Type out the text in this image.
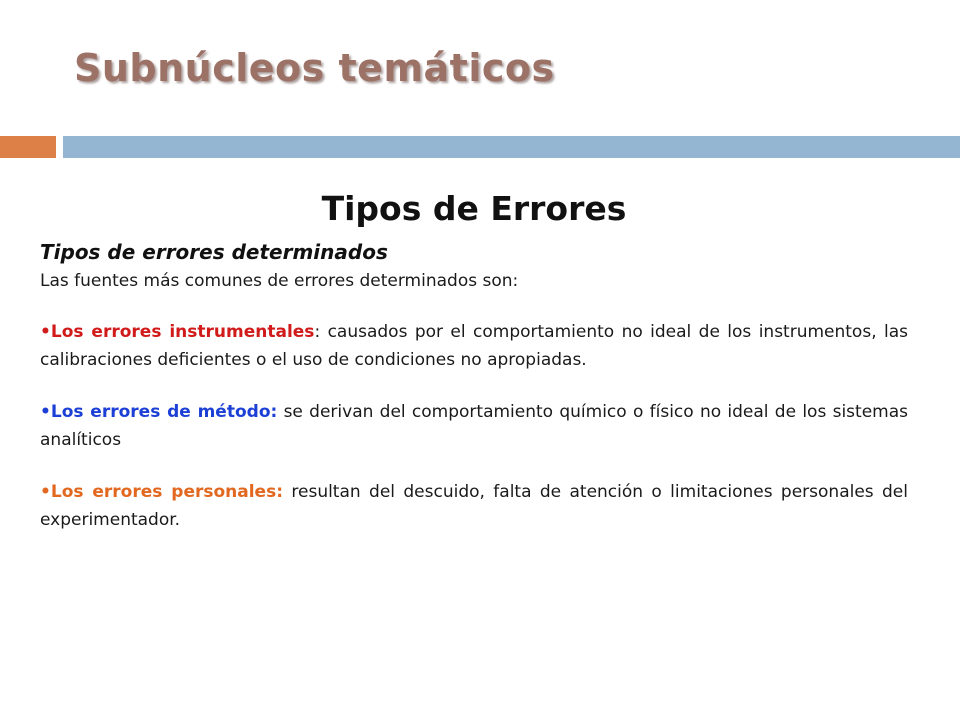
Subnúcleos temáticos
Tipos de Errores

Tipos de errores determinados

Las fuentes más comunes de errores determinados son:

•Los errores instrumentales: causados por el comportamiento no ideal de los instrumentos, las calibraciones deficientes o el uso de condiciones no apropiadas.

•Los errores de método: se derivan del comportamiento químico o físico no ideal de los sistemas analíticos

•Los errores personales: resultan del descuido, falta de atención o limitaciones personales del experimentador.
